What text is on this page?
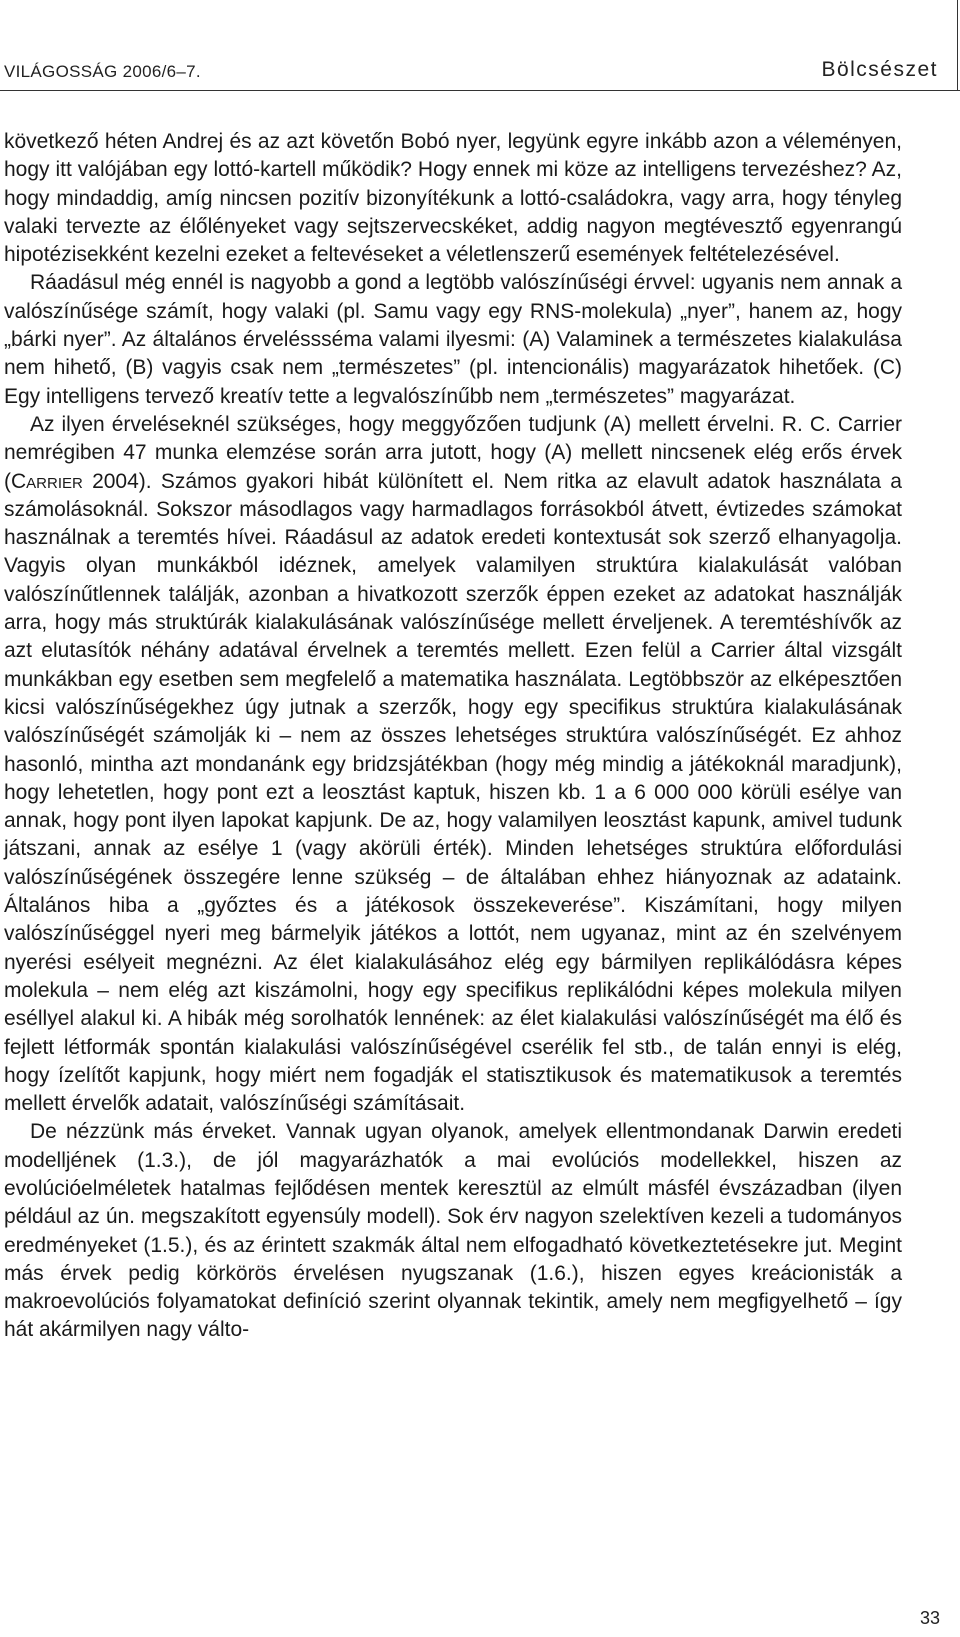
VILÁGOSSÁG 2006/6–7.	Bölcsészet

következő héten Andrej és az azt követőn Bobó nyer, legyünk egyre inkább azon a véleményen, hogy itt valójában egy lottó-kartell működik? Hogy ennek mi köze az intelligens tervezéshez? Az, hogy mindaddig, amíg nincsen pozitív bizonyítékunk a lottó-családokra, vagy arra, hogy tényleg valaki tervezte az élőlényeket vagy sejtszervecskéket, addig nagyon megtévesztő egyenrangú hipotézisekként kezelni ezeket a feltevéseket a véletlenszerű események feltételezésével.

Ráadásul még ennél is nagyobb a gond a legtöbb valószínűségi érvvel: ugyanis nem annak a valószínűsége számít, hogy valaki (pl. Samu vagy egy RNS-molekula) „nyer”, hanem az, hogy „bárki nyer”. Az általános érveléssséma valami ilyesmi: (A) Valaminek a természetes kialakulása nem hihető, (B) vagyis csak nem „természetes” (pl. intencionális) magyarázatok hihetőek. (C) Egy intelligens tervező kreatív tette a legvalószínűbb nem „természetes” magyarázat.

Az ilyen érveléseknél szükséges, hogy meggyőzően tudjunk (A) mellett érvelni. R. C. Carrier nemrégiben 47 munka elemzése során arra jutott, hogy (A) mellett nincsenek elég erős érvek (Carrier 2004). Számos gyakori hibát különített el. Nem ritka az elavult adatok használata a számolásoknál. Sokszor másodlagos vagy harmadlagos forrásokból átvett, évtizedes számokat használnak a teremtés hívei. Ráadásul az adatok eredeti kontextusát sok szerző elhanyagolja. Vagyis olyan munkákból idéznek, amelyek valamilyen struktúra kialakulását valóban valószínűtlennek találják, azonban a hivatkozott szerzők éppen ezeket az adatokat használják arra, hogy más struktúrák kialakulásának valószínűsége mellett érveljenek. A teremtéshívők az azt elutasítók néhány adatával érvelnek a teremtés mellett. Ezen felül a Carrier által vizsgált munkákban egy esetben sem megfelelő a matematika használata. Legtöbbször az elképesztően kicsi valószínűségekhez úgy jutnak a szerzők, hogy egy specifikus struktúra kialakulásának valószínűségét számolják ki – nem az összes lehetséges struktúra valószínűségét. Ez ahhoz hasonló, mintha azt mondanánk egy bridzsjátékban (hogy még mindig a játékoknál maradjunk), hogy lehetetlen, hogy pont ezt a leosztást kaptuk, hiszen kb. 1 a 6 000 000 körüli esélye van annak, hogy pont ilyen lapokat kapjunk. De az, hogy valamilyen leosztást kapunk, amivel tudunk játszani, annak az esélye 1 (vagy akörüli érték). Minden lehetséges struktúra előfordulási valószínűségének összegére lenne szükség – de általában ehhez hiányoznak az adataink. Általános hiba a „győztes és a játékosok összekeverése”. Kiszámítani, hogy milyen valószínűséggel nyeri meg bármelyik játékos a lottót, nem ugyanaz, mint az én szelvényem nyerési esélyeit megnézni. Az élet kialakulásához elég egy bármilyen replikálódásra képes molekula – nem elég azt kiszámolni, hogy egy specifikus replikálódni képes molekula milyen eséllyel alakul ki. A hibák még sorolhatók lennének: az élet kialakulási valószínűségét ma élő és fejlett létformák spontán kialakulási valószínűségével cserélik fel stb., de talán ennyi is elég, hogy ízelítőt kapjunk, hogy miért nem fogadják el statisztikusok és matematikusok a teremtés mellett érvelők adatait, valószínűségi számításait.

De nézzünk más érveket. Vannak ugyan olyanok, amelyek ellentmondanak Darwin eredeti modelljének (1.3.), de jól magyarázhatók a mai evolúciós modellekkel, hiszen az evolúcióelméletek hatalmas fejlődésen mentek keresztül az elmúlt másfél évszázadban (ilyen például az ún. megszakított egyensúly modell). Sok érv nagyon szelektíven kezeli a tudományos eredményeket (1.5.), és az érintett szakmák által nem elfogadható következtetésekre jut. Megint más érvek pedig körkörös érvelésen nyugszanak (1.6.), hiszen egyes kreácionisták a makroevolúciós folyamatokat definíció szerint olyannak tekintik, amely nem megfigyelhető – így hát akármilyen nagy válto-

33
